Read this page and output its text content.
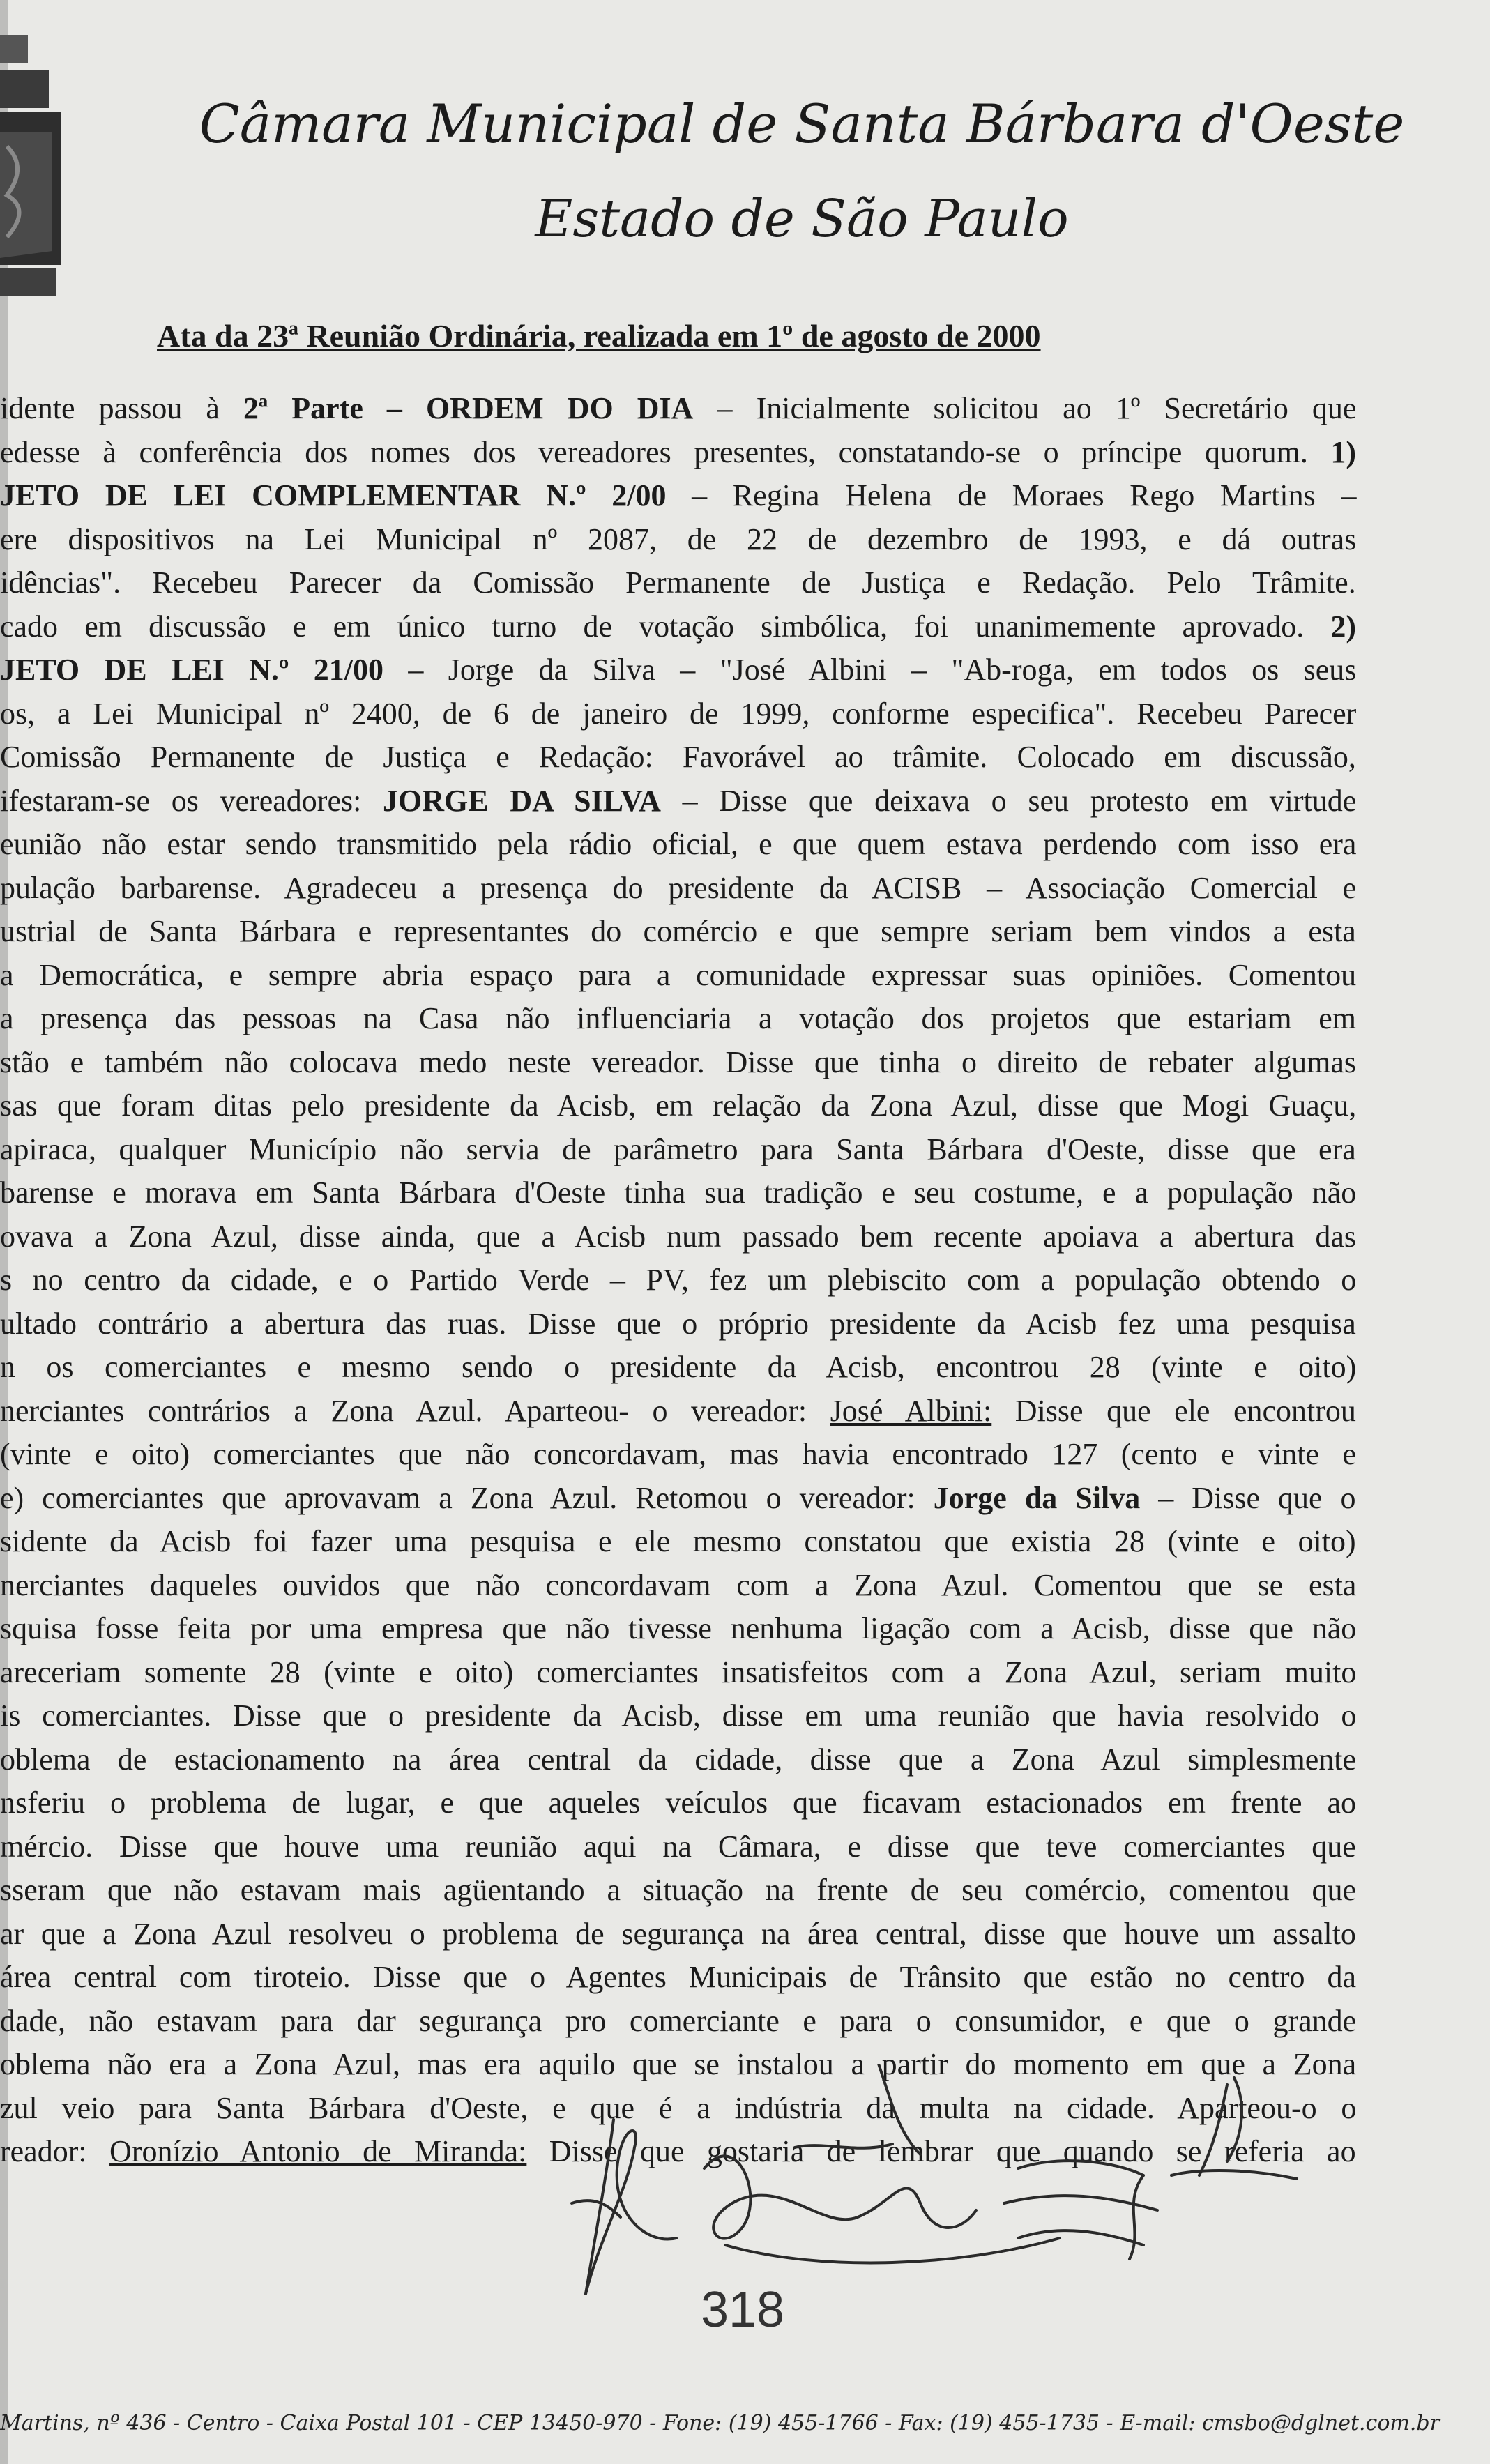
Câmara Municipal de Santa Bárbara d'Oeste
Estado de São Paulo
Ata da 23ª Reunião Ordinária, realizada em 1º de agosto de 2000
idente passou à 2ª Parte – ORDEM DO DIA – Inicialmente solicitou ao 1º Secretário que
edesse à conferência dos nomes dos vereadores presentes, constatando-se o príncipe quorum. 1)
JETO DE LEI COMPLEMENTAR N.º 2/00 – Regina Helena de Moraes Rego Martins –
ere dispositivos na Lei Municipal nº 2087, de 22 de dezembro de 1993, e dá outras
idências". Recebeu Parecer da Comissão Permanente de Justiça e Redação. Pelo Trâmite.
cado em discussão e em único turno de votação simbólica, foi unanimemente aprovado. 2)
JETO DE LEI N.º 21/00 – Jorge da Silva – "José Albini – "Ab-roga, em todos os seus
os, a Lei Municipal nº 2400, de 6 de janeiro de 1999, conforme especifica". Recebeu Parecer
Comissão Permanente de Justiça e Redação: Favorável ao trâmite. Colocado em discussão,
ifestaram-se os vereadores: JORGE DA SILVA – Disse que deixava o seu protesto em virtude
eunião não estar sendo transmitido pela rádio oficial, e que quem estava perdendo com isso era
pulação barbarense. Agradeceu a presença do presidente da ACISB – Associação Comercial e
ustrial de Santa Bárbara e representantes do comércio e que sempre seriam bem vindos a esta
a Democrática, e sempre abria espaço para a comunidade expressar suas opiniões. Comentou
a presença das pessoas na Casa não influenciaria a votação dos projetos que estariam em
stão e também não colocava medo neste vereador. Disse que tinha o direito de rebater algumas
sas que foram ditas pelo presidente da Acisb, em relação da Zona Azul, disse que Mogi Guaçu,
apiraca, qualquer Município não servia de parâmetro para Santa Bárbara d'Oeste, disse que era
barense e morava em Santa Bárbara d'Oeste tinha sua tradição e seu costume, e a população não
ovava a Zona Azul, disse ainda, que a Acisb num passado bem recente apoiava a abertura das
s no centro da cidade, e o Partido Verde – PV, fez um plebiscito com a população obtendo o
ultado contrário a abertura das ruas. Disse que o próprio presidente da Acisb fez uma pesquisa
n os comerciantes e mesmo sendo o presidente da Acisb, encontrou 28 (vinte e oito)
nerciantes contrários a Zona Azul. Aparteou- o vereador: José Albini: Disse que ele encontrou
(vinte e oito) comerciantes que não concordavam, mas havia encontrado 127 (cento e vinte e
e) comerciantes que aprovavam a Zona Azul. Retomou o vereador: Jorge da Silva – Disse que o
sidente da Acisb foi fazer uma pesquisa e ele mesmo constatou que existia 28 (vinte e oito)
nerciantes daqueles ouvidos que não concordavam com a Zona Azul. Comentou que se esta
squisa fosse feita por uma empresa que não tivesse nenhuma ligação com a Acisb, disse que não
areceriam somente 28 (vinte e oito) comerciantes insatisfeitos com a Zona Azul, seriam muito
is comerciantes. Disse que o presidente da Acisb, disse em uma reunião que havia resolvido o
oblema de estacionamento na área central da cidade, disse que a Zona Azul simplesmente
nsferiu o problema de lugar, e que aqueles veículos que ficavam estacionados em frente ao
mércio. Disse que houve uma reunião aqui na Câmara, e disse que teve comerciantes que
sseram que não estavam mais agüentando a situação na frente de seu comércio, comentou que
ar que a Zona Azul resolveu o problema de segurança na área central, disse que houve um assalto
área central com tiroteio. Disse que o Agentes Municipais de Trânsito que estão no centro da
dade, não estavam para dar segurança pro comerciante e para o consumidor, e que o grande
oblema não era a Zona Azul, mas era aquilo que se instalou a partir do momento em que a Zona
zul veio para Santa Bárbara d'Oeste, e que é a indústria da multa na cidade. Aparteou-o o
reador: Oronízio Antonio de Miranda: Disse que gostaria de lembrar que quando se referia ao
318
Martins, nº 436 - Centro - Caixa Postal 101 - CEP 13450-970 - Fone: (19) 455-1766 - Fax: (19) 455-1735 - E-mail: cmsbo@dglnet.com.br
